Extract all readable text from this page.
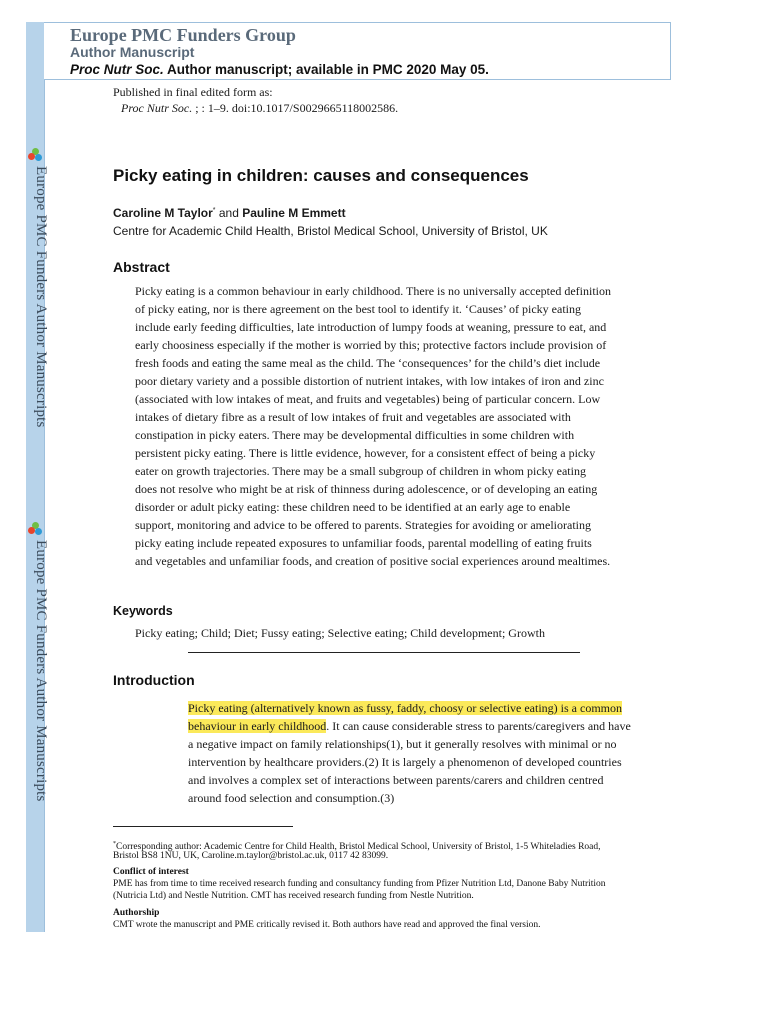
Europe PMC Funders Author Manuscripts
Europe PMC Funders Author Manuscripts
Europe PMC Funders Group
Author Manuscript
Proc Nutr Soc. Author manuscript; available in PMC 2020 May 05.
Published in final edited form as:
Proc Nutr Soc. ; : 1–9. doi:10.1017/S0029665118002586.
Picky eating in children: causes and consequences
Caroline M Taylor* and Pauline M Emmett
Centre for Academic Child Health, Bristol Medical School, University of Bristol, UK
Abstract

Picky eating is a common behaviour in early childhood. There is no universally accepted definition

of picky eating, nor is there agreement on the best tool to identify it. ‘Causes’ of picky eating

include early feeding difficulties, late introduction of lumpy foods at weaning, pressure to eat, and

early choosiness especially if the mother is worried by this; protective factors include provision of

fresh foods and eating the same meal as the child. The ‘consequences’ for the child’s diet include

poor dietary variety and a possible distortion of nutrient intakes, with low intakes of iron and zinc

(associated with low intakes of meat, and fruits and vegetables) being of particular concern. Low

intakes of dietary fibre as a result of low intakes of fruit and vegetables are associated with

constipation in picky eaters. There may be developmental difficulties in some children with

persistent picky eating. There is little evidence, however, for a consistent effect of being a picky

eater on growth trajectories. There may be a small subgroup of children in whom picky eating

does not resolve who might be at risk of thinness during adolescence, or of developing an eating

disorder or adult picky eating: these children need to be identified at an early age to enable

support, monitoring and advice to be offered to parents. Strategies for avoiding or ameliorating

picky eating include repeated exposures to unfamiliar foods, parental modelling of eating fruits

and vegetables and unfamiliar foods, and creation of positive social experiences around mealtimes.

Keywords
Picky eating; Child; Diet; Fussy eating; Selective eating; Child development; Growth
Introduction

Picky eating (alternatively known as fussy, faddy, choosy or selective eating) is a common

behaviour in early childhood. It can cause considerable stress to parents/caregivers and have

a negative impact on family relationships(1), but it generally resolves with minimal or no

intervention by healthcare providers.(2) It is largely a phenomenon of developed countries

and involves a complex set of interactions between parents/carers and children centred

around food selection and consumption.(3)

*Corresponding author: Academic Centre for Child Health, Bristol Medical School, University of Bristol, 1-5 Whiteladies Road,
Bristol BS8 1NU, UK, Caroline.m.taylor@bristol.ac.uk, 0117 42 83099.
Conflict of interest
PME has from time to time received research funding and consultancy funding from Pfizer Nutrition Ltd, Danone Baby Nutrition
(Nutricia Ltd) and Nestle Nutrition. CMT has received research funding from Nestle Nutrition.
Authorship
CMT wrote the manuscript and PME critically revised it. Both authors have read and approved the final version.
